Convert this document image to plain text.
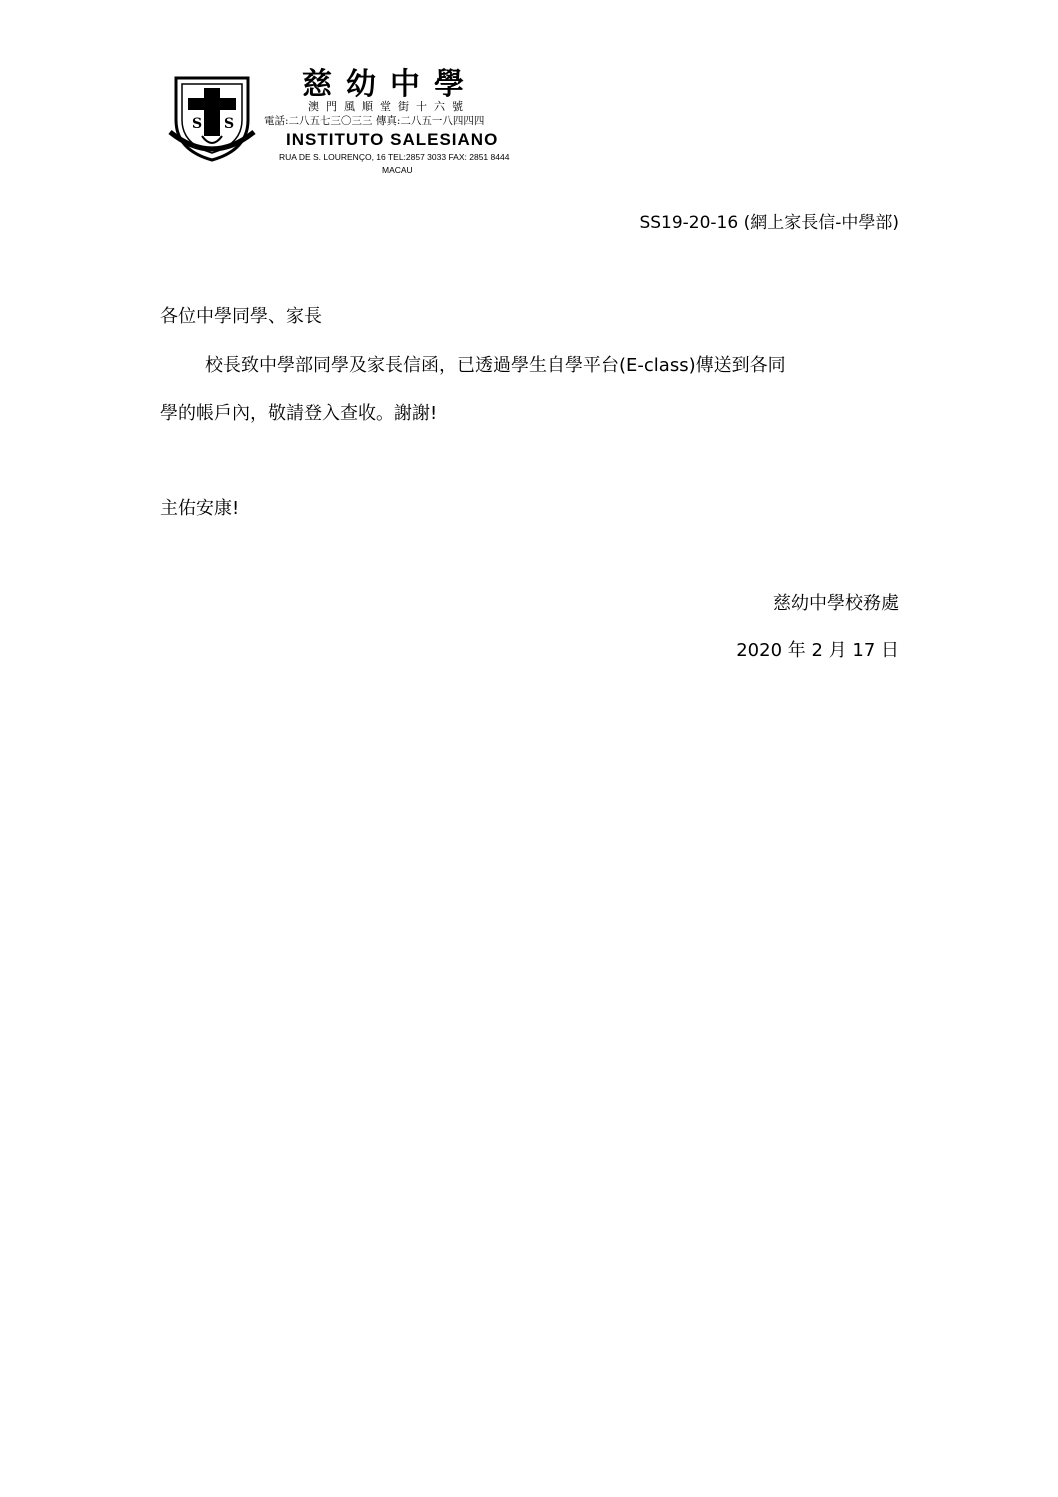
S S
慈幼中學
澳門風順堂街十六號
電話:二八五七三〇三三 傳真:二八五一八四四四
INSTITUTO SALESIANO
RUA DE S. LOURENÇO, 16 TEL:2857 3033 FAX: 2851 8444
MACAU
SS19-20-16 (網上家長信-中學部)
各位中學同學、家長
校長致中學部同學及家長信函，已透過學生自學平台(E-class)傳送到各同
學的帳戶內，敬請登入查收。謝謝!
主佑安康!
慈幼中學校務處
2020 年 2 月 17 日
